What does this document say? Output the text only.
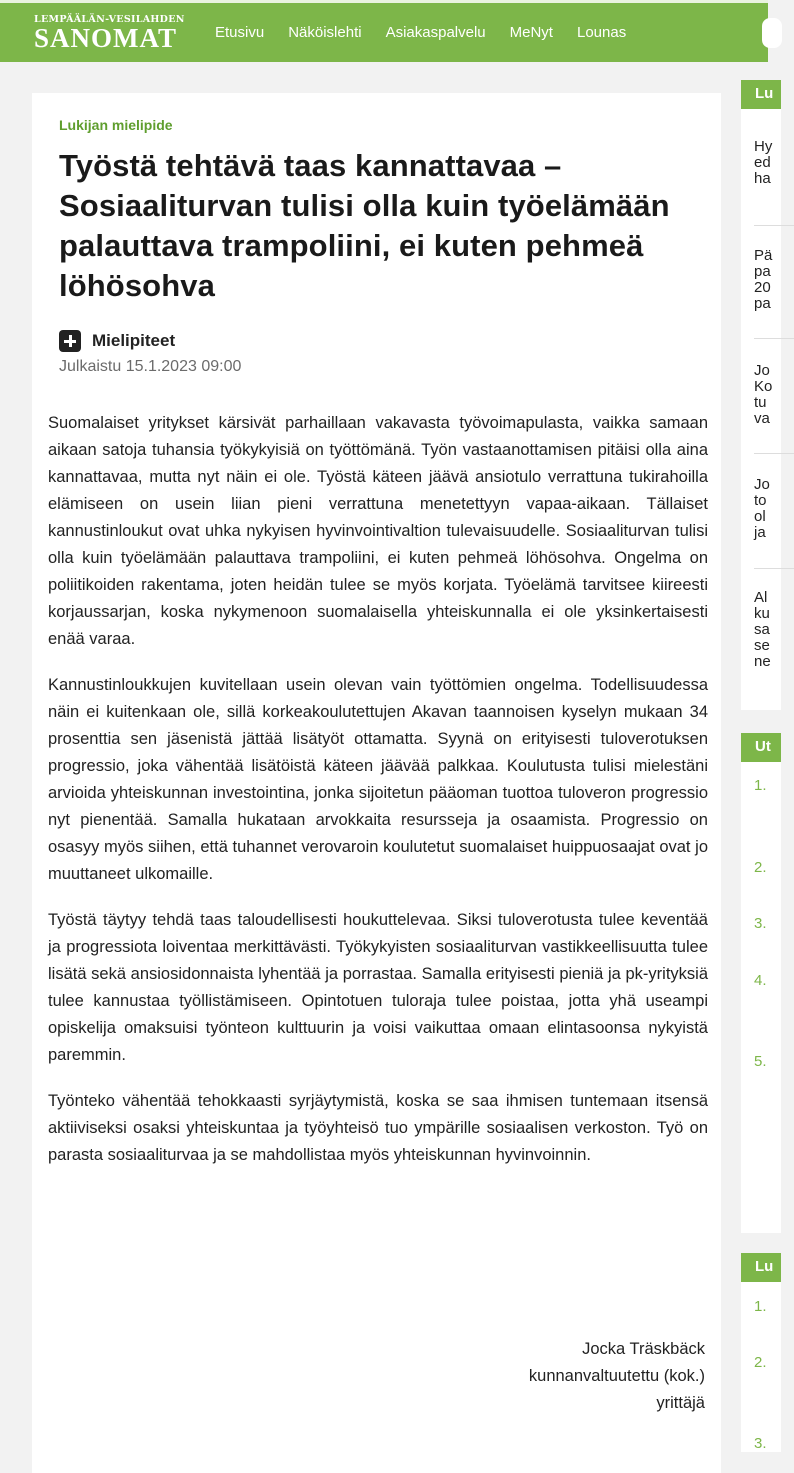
LEMPÄÄLÄN-VESILAHDEN
SANOMAT	Etusivu Näköislehti Asiakaspalvelu MeNyt Lounas
Lukijan mielipide
Työstä tehtävä taas kannattavaa – Sosiaaliturvan tulisi olla kuin työelämään palauttava trampoliini, ei kuten pehmeä löhösohva
Mielipiteet
Julkaistu 15.1.2023 09:00

Suomalaiset yritykset kärsivät parhaillaan vakavasta työvoimapulasta, vaikka samaan aikaan satoja tuhansia työkykyisiä on työttömänä. Työn vastaanottamisen pitäisi olla aina kannattavaa, mutta nyt näin ei ole. Työstä käteen jäävä ansiotulo verrattuna tukirahoilla elämiseen on usein liian pieni verrattuna menetettyyn vapaa-aikaan. Tällaiset kannustinloukut ovat uhka nykyisen hyvinvointivaltion tulevaisuudelle. Sosiaaliturvan tulisi olla kuin työelämään palauttava trampoliini, ei kuten pehmeä löhösohva. Ongelma on poliitikoiden rakentama, joten heidän tulee se myös korjata. Työelämä tarvitsee kiireesti korjaussarjan, koska nykymenoon suomalaisella yhteiskunnalla ei ole yksinkertaisesti enää varaa.

Kannustinloukkujen kuvitellaan usein olevan vain työttömien ongelma. Todellisuudessa näin ei kuitenkaan ole, sillä korkeakoulutettujen Akavan taannoisen kyselyn mukaan 34 prosenttia sen jäsenistä jättää lisätyöt ottamatta. Syynä on erityisesti tuloverotuksen progressio, joka vähentää lisätöistä käteen jäävää palkkaa. Koulutusta tulisi mielestäni arvioida yhteiskunnan investointina, jonka sijoitetun pääoman tuottoa tuloveron progressio nyt pienentää. Samalla hukataan arvokkaita resursseja ja osaamista. Progressio on osasyy myös siihen, että tuhannet verovaroin koulutetut suomalaiset huippuosaajat ovat jo muuttaneet ulkomaille.

Työstä täytyy tehdä taas taloudellisesti houkuttelevaa. Siksi tuloverotusta tulee keventää ja progressiota loiventaa merkittävästi. Työkykyisten sosiaaliturvan vastikkeellisuutta tulee lisätä sekä ansiosidonnaista lyhentää ja porrastaa. Samalla erityisesti pieniä ja pk-yrityksiä tulee kannustaa työllistämiseen. Opintotuen tuloraja tulee poistaa, jotta yhä useampi opiskelija omaksuisi työnteon kulttuurin ja voisi vaikuttaa omaan elintasoonsa nykyistä paremmin.

Työnteko vähentää tehokkaasti syrjäytymistä, koska se saa ihmisen tuntemaan itsensä aktiiviseksi osaksi yhteiskuntaa ja työyhteisö tuo ympärille sosiaalisen verkoston. Työ on parasta sosiaaliturvaa ja se mahdollistaa myös yhteiskunnan hyvinvoinnin.

Jocka Träskbäck
kunnanvaltuutettu (kok.)
yrittäjä
Lu
Hy
ed
ha
Pä
pa
20
pa
Jo
Ko
tu
va
Jo
to
ol
ja
Al
ku
sa
se
ne
Ut
1.
2.
3.
4.
5.
Lu
1.
2.
3.
